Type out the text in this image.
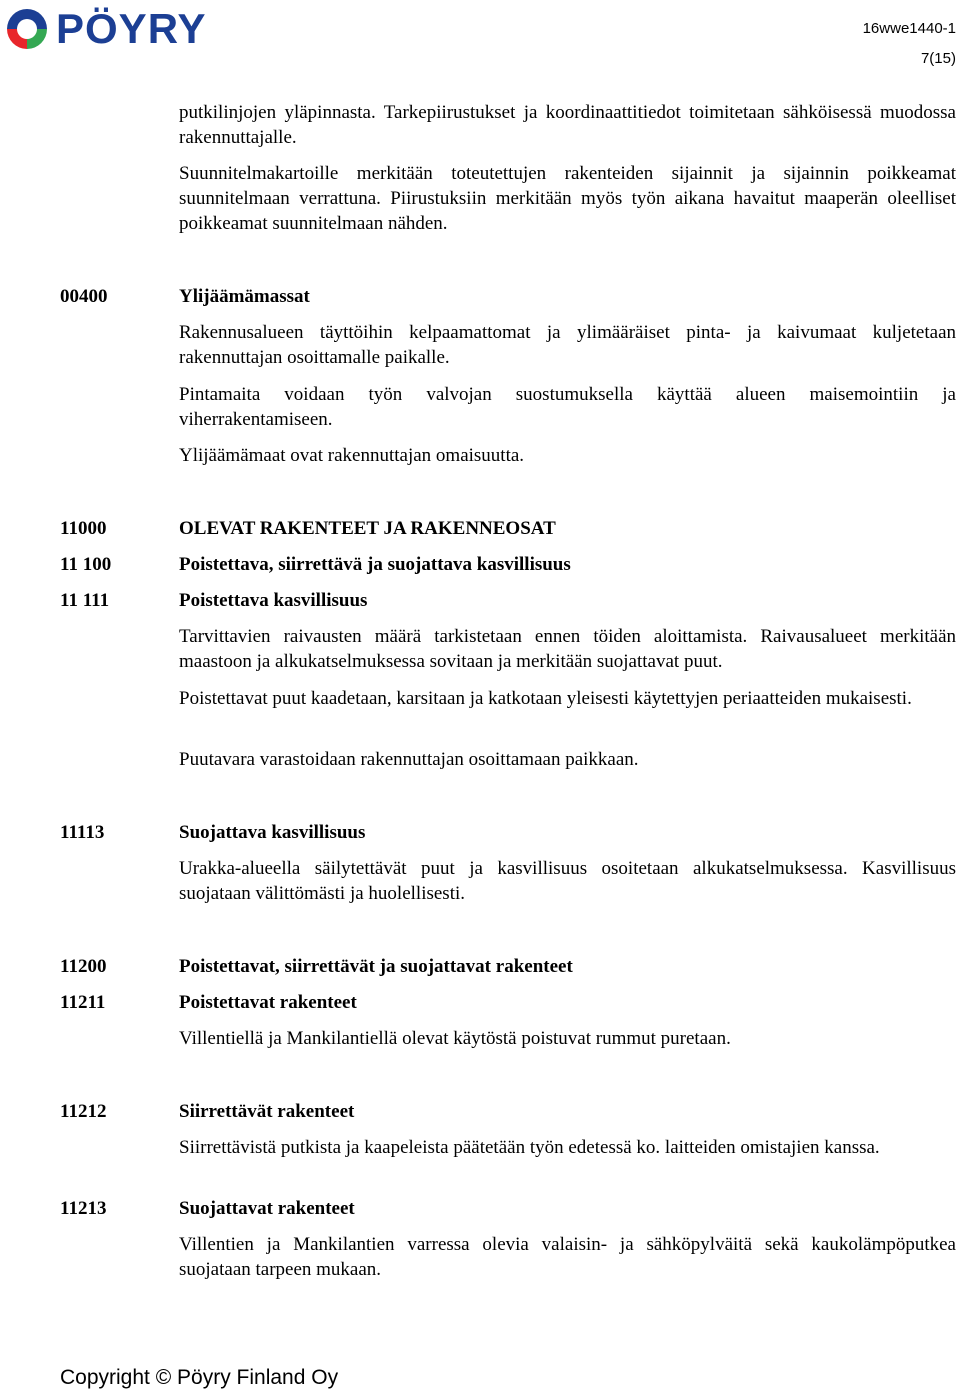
PÖYRY	16wwe1440-1
7(15)

putkilinjojen yläpinnasta. Tarkepiirustukset ja koordinaattitiedot toimitetaan sähköisessä muodossa rakennuttajalle.

Suunnitelmakartoille merkitään toteutettujen rakenteiden sijainnit ja sijainnin poikkeamat suunnitelmaan verrattuna. Piirustuksiin merkitään myös työn aikana havaitut maaperän oleelliset poikkeamat suunnitelmaan nähden.

00400	Ylijäämämassat

Rakennusalueen täyttöihin kelpaamattomat ja ylimääräiset pinta- ja kaivumaat kuljetetaan rakennuttajan osoittamalle paikalle.

Pintamaita voidaan työn valvojan suostumuksella käyttää alueen maisemointiin ja viherrakentamiseen.

Ylijäämämaat ovat rakennuttajan omaisuutta.

11000	OLEVAT RAKENTEET JA RAKENNEOSAT
11 100	Poistettava, siirrettävä ja suojattava kasvillisuus
11 111	Poistettava kasvillisuus

Tarvittavien raivausten määrä tarkistetaan ennen töiden aloittamista. Raivausalueet merkitään maastoon ja alkukatselmuksessa sovitaan ja merkitään suojattavat puut.

Poistettavat puut kaadetaan, karsitaan ja katkotaan yleisesti käytettyjen periaatteiden mukaisesti.

Puutavara varastoidaan rakennuttajan osoittamaan paikkaan.

11113	Suojattava kasvillisuus

Urakka-alueella säilytettävät puut ja kasvillisuus osoitetaan alkukatselmuksessa. Kasvillisuus suojataan välittömästi ja huolellisesti.

11200	Poistettavat, siirrettävät ja suojattavat rakenteet
11211	Poistettavat rakenteet

Villentiellä ja Mankilantiellä olevat käytöstä poistuvat rummut puretaan.

11212	Siirrettävät rakenteet

Siirrettävistä putkista ja kaapeleista päätetään työn edetessä ko. laitteiden omistajien kanssa.

11213	Suojattavat rakenteet

Villentien ja Mankilantien varressa olevia valaisin- ja sähköpylväitä sekä kaukolämpöputkea suojataan tarpeen mukaan.

Copyright © Pöyry Finland Oy
